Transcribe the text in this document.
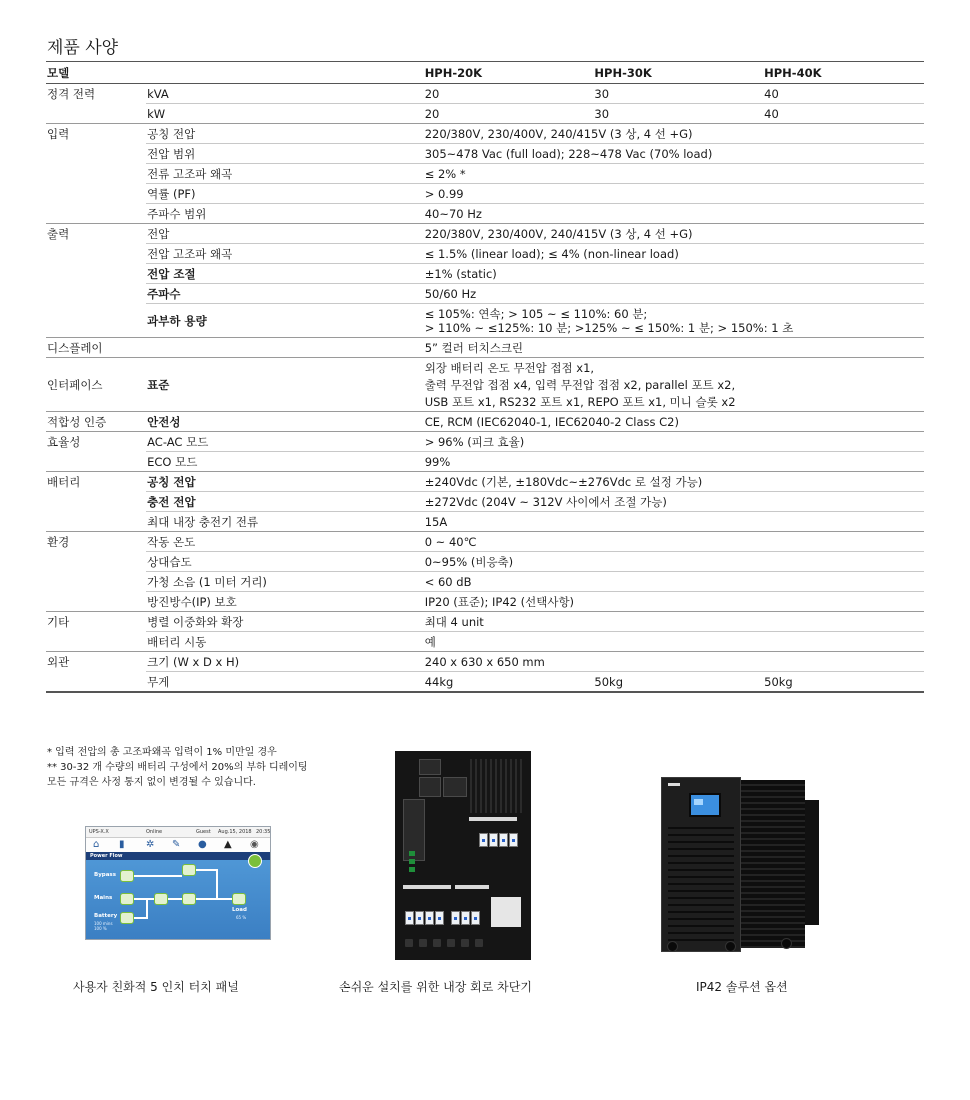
제품 사양
모델		HPH-20K	HPH-30K	HPH-40K
정격 전력	kVA	20	30	40
	kW	20	30	40
입력	공칭 전압	220/380V, 230/400V, 240/415V (3 상, 4 선 +G)		
	전압 범위	305~478 Vac (full load); 228~478 Vac (70% load)		
	전류 고조파 왜곡	≤ 2% *		
	역률 (PF)	> 0.99		
	주파수 범위	40~70 Hz		
출력	전압	220/380V, 230/400V, 240/415V (3 상, 4 선 +G)		
	전압 고조파 왜곡	≤ 1.5% (linear load); ≤ 4% (non-linear load)		
	전압 조절	±1% (static)		
	주파수	50/60 Hz		
	과부하 용량	≤ 105%: 연속; > 105 ~ ≤ 110%: 60 분;
> 110% ~ ≤125%: 10 분; >125% ~ ≤ 150%: 1 분; > 150%: 1 초		

디스플레이		5” 컬러 터치스크린		
인터페이스	표준	외장 배터리 온도 무전압 접점 x1,
출력 무전압 접점 x4, 입력 무전압 접점 x2, parallel 포트 x2,
USB 포트 x1, RS232 포트 x1, REPO 포트 x1, 미니 슬롯 x2		

적합성 인증	안전성	CE, RCM (IEC62040-1, IEC62040-2 Class C2)		
효율성	AC-AC 모드	> 96% (피크 효율)		
	ECO 모드	99%		
배터리	공칭 전압	±240Vdc (기본, ±180Vdc~±276Vdc 로 설정 가능)		
	충전 전압	±272Vdc (204V ~ 312V 사이에서 조절 가능)		
	최대 내장 충전기 전류	15A		
환경	작동 온도	0 ~ 40℃		
	상대습도	0~95% (비응축)		
	가청 소음 (1 미터 거리)	< 60 dB		
	방진방수(IP) 보호	IP20 (표준); IP42 (선택사항)		
기타	병렬 이중화와 확장	최대 4 unit		
	배터리 시동	예		
외관	크기 (W x D x H)	240 x 630 x 650 mm		
	무게	44kg	50kg	50kg
* 입력 전압의 총 고조파왜곡 입력이 1% 미만일 경우
** 30-32 개 수량의 배터리 구성에서 20%의 부하 디레이팅
모든 규격은 사정 통지 없이 변경될 수 있습니다.
UPS-X.X	Online	Guest Aug.15, 2018 20:35
⌂ ▮ ✲ ✎ ● ▲ ◉
Power Flow
Bypass
Mains
Battery
100 mins
100 %
Load
65 %
사용자 친화적 5 인치 터치 패널	손쉬운 설치를 위한 내장 회로 차단기	IP42 솔루션 옵션
